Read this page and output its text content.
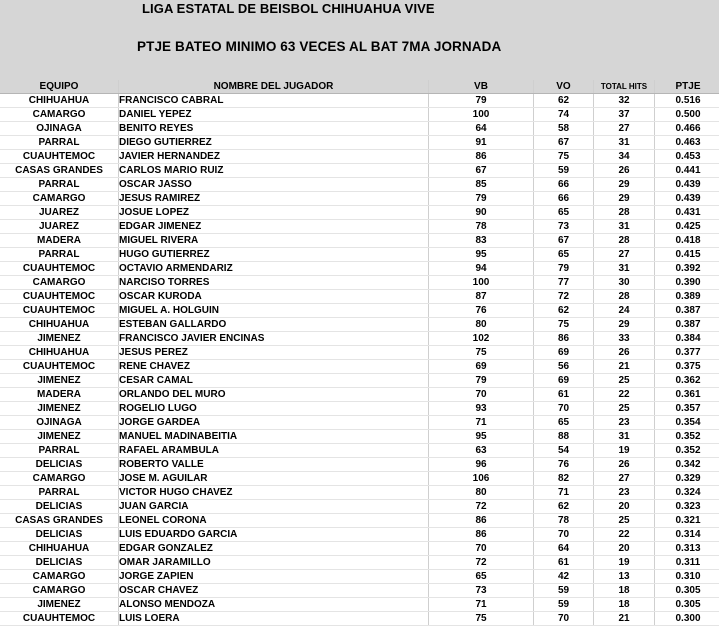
LIGA ESTATAL DE BEISBOL CHIHUAHUA VIVE
PTJE BATEO MINIMO 63 VECES AL BAT 7MA JORNADA
EQUIPO	NOMBRE DEL JUGADOR	VB	VO	TOTAL HITS	PTJE
CHIHUAHUA	FRANCISCO CABRAL	79	62	32	0.516
CAMARGO	DANIEL YEPEZ	100	74	37	0.500
OJINAGA	BENITO REYES	64	58	27	0.466
PARRAL	DIEGO GUTIERREZ	91	67	31	0.463
CUAUHTEMOC	JAVIER HERNANDEZ	86	75	34	0.453
CASAS GRANDES	CARLOS MARIO RUIZ	67	59	26	0.441
PARRAL	OSCAR JASSO	85	66	29	0.439
CAMARGO	JESUS RAMIREZ	79	66	29	0.439
JUAREZ	JOSUE LOPEZ	90	65	28	0.431
JUAREZ	EDGAR JIMENEZ	78	73	31	0.425
MADERA	MIGUEL RIVERA	83	67	28	0.418
PARRAL	HUGO GUTIERREZ	95	65	27	0.415
CUAUHTEMOC	OCTAVIO ARMENDARIZ	94	79	31	0.392
CAMARGO	NARCISO TORRES	100	77	30	0.390
CUAUHTEMOC	OSCAR KURODA	87	72	28	0.389
CUAUHTEMOC	MIGUEL A. HOLGUIN	76	62	24	0.387
CHIHUAHUA	ESTEBAN GALLARDO	80	75	29	0.387
JIMENEZ	FRANCISCO JAVIER ENCINAS	102	86	33	0.384
CHIHUAHUA	JESUS PEREZ	75	69	26	0.377
CUAUHTEMOC	RENE CHAVEZ	69	56	21	0.375
JIMENEZ	CESAR CAMAL	79	69	25	0.362
MADERA	ORLANDO DEL MURO	70	61	22	0.361
JIMENEZ	ROGELIO LUGO	93	70	25	0.357
OJINAGA	JORGE GARDEA	71	65	23	0.354
JIMENEZ	MANUEL MADINABEITIA	95	88	31	0.352
PARRAL	RAFAEL ARAMBULA	63	54	19	0.352
DELICIAS	ROBERTO VALLE	96	76	26	0.342
CAMARGO	JOSE M. AGUILAR	106	82	27	0.329
PARRAL	VICTOR HUGO CHAVEZ	80	71	23	0.324
DELICIAS	JUAN GARCIA	72	62	20	0.323
CASAS GRANDES	LEONEL CORONA	86	78	25	0.321
DELICIAS	LUIS EDUARDO GARCIA	86	70	22	0.314
CHIHUAHUA	EDGAR GONZALEZ	70	64	20	0.313
DELICIAS	OMAR JARAMILLO	72	61	19	0.311
CAMARGO	JORGE ZAPIEN	65	42	13	0.310
CAMARGO	OSCAR CHAVEZ	73	59	18	0.305
JIMENEZ	ALONSO MENDOZA	71	59	18	0.305
CUAUHTEMOC	LUIS LOERA	75	70	21	0.300
